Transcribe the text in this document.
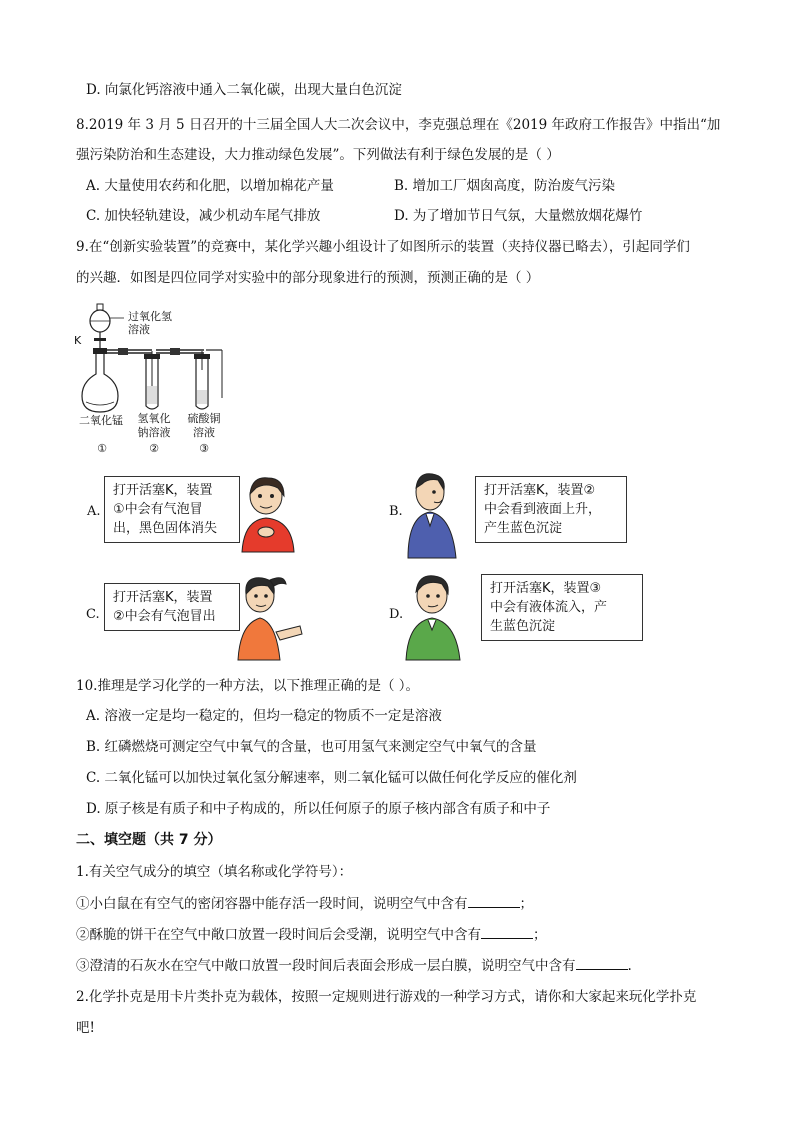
D. 向氯化钙溶液中通入二氧化碳，出现大量白色沉淀
8.2019 年 3 月 5 日召开的十三届全国人大二次会议中，李克强总理在《2019 年政府工作报告》中指出“加
强污染防治和生态建设，大力推动绿色发展”。下列做法有利于绿色发展的是（ ）
A. 大量使用农药和化肥，以增加棉花产量	B. 增加工厂烟囱高度，防治废气污染
C. 加快轻轨建设，减少机动车尾气排放	D. 为了增加节日气氛，大量燃放烟花爆竹
9.在“创新实验装置”的竞赛中，某化学兴趣小组设计了如图所示的装置（夹持仪器已略去），引起同学们
的兴趣．如图是四位同学对实验中的部分现象进行的预测，预测正确的是（ ）
过氧化氢
溶液
K
二氧化锰	氢氧化
钠溶液
硫酸铜
溶液
①	②	③
A.
打开活塞K，装置
①中会有气泡冒
出，黑色固体消失
B.
打开活塞K，装置②
中会看到液面上升，
产生蓝色沉淀
C.
打开活塞K，装置
②中会有气泡冒出	D.
打开活塞K，装置③
中会有液体流入，产
生蓝色沉淀
10.推理是学习化学的一种方法，以下推理正确的是（ ）。
A. 溶液一定是均一稳定的，但均一稳定的物质不一定是溶液
B. 红磷燃烧可测定空气中氧气的含量，也可用氢气来测定空气中氧气的含量
C. 二氧化锰可以加快过氧化氢分解速率，则二氧化锰可以做任何化学反应的催化剂
D. 原子核是有质子和中子构成的，所以任何原子的原子核内部含有质子和中子
二、填空题（共 7 分）
1.有关空气成分的填空（填名称或化学符号）：
①小白鼠在有空气的密闭容器中能存活一段时间，说明空气中含有	；
②酥脆的饼干在空气中敞口放置一段时间后会受潮，说明空气中含有	；
③澄清的石灰水在空气中敞口放置一段时间后表面会形成一层白膜，说明空气中含有	.
2.化学扑克是用卡片类扑克为载体，按照一定规则进行游戏的一种学习方式，请你和大家起来玩化学扑克
吧!
